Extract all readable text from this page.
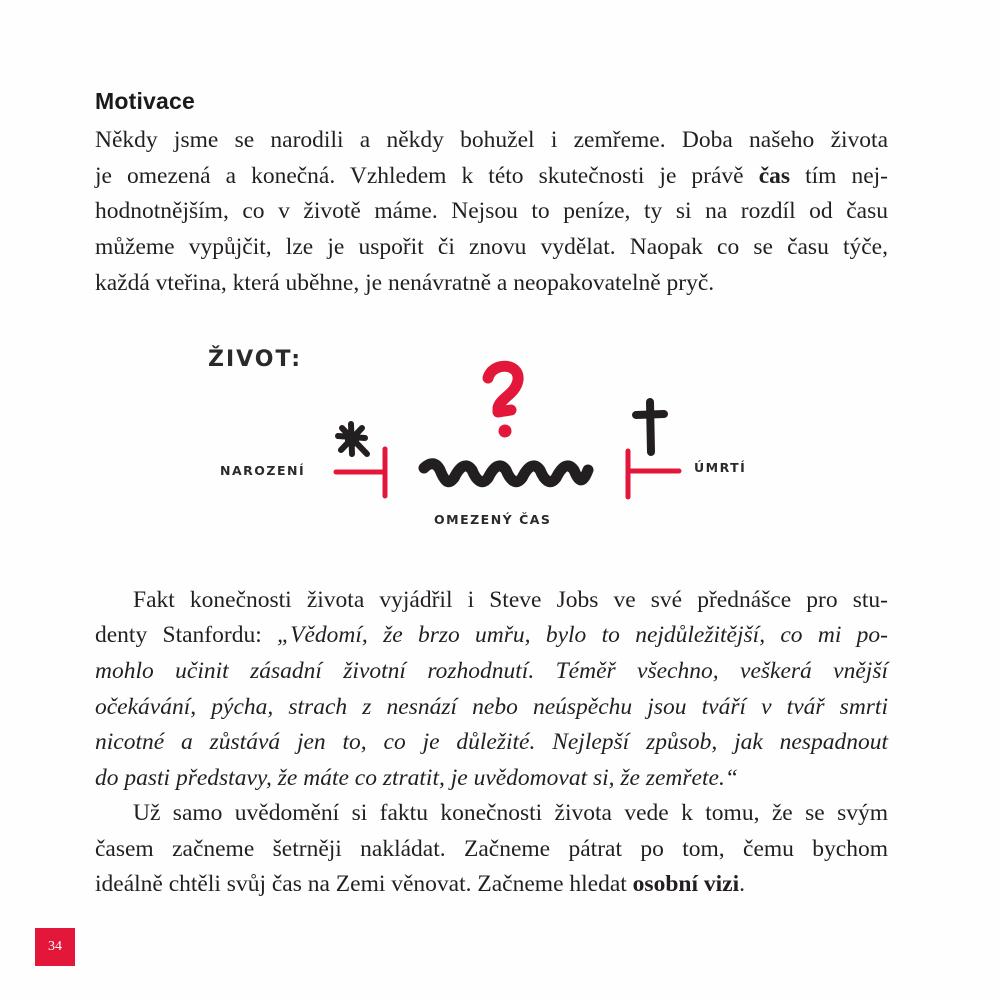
Motivace
Někdy jsme se narodili a někdy bohužel i zemřeme. Doba našeho života
je omezená a konečná. Vzhledem k této skutečnosti je právě čas tím nej-
hodnotnějším, co v životě máme. Nejsou to peníze, ty si na rozdíl od času
můžeme vypůjčit, lze je uspořit či znovu vydělat. Naopak co se času týče,
každá vteřina, která uběhne, je nenávratně a neopakovatelně pryč.
ŽIVOT:
NAROZENÍ	ÚMRTÍ
OMEZENÝ ČAS
Fakt konečnosti života vyjádřil i Steve Jobs ve své přednášce pro stu-
denty Stanfordu: „Vědomí, že brzo umřu, bylo to nejdůležitější, co mi po-
mohlo učinit zásadní životní rozhodnutí. Téměř všechno, veškerá vnější
očekávání, pýcha, strach z nesnází nebo neúspěchu jsou tváří v tvář smrti
nicotné a zůstává jen to, co je důležité. Nejlepší způsob, jak nespadnout
do pasti představy, že máte co ztratit, je uvědomovat si, že zemřete.“
Už samo uvědomění si faktu konečnosti života vede k tomu, že se svým
časem začneme šetrněji nakládat. Začneme pátrat po tom, čemu bychom
ideálně chtěli svůj čas na Zemi věnovat. Začneme hledat osobní vizi.
34
